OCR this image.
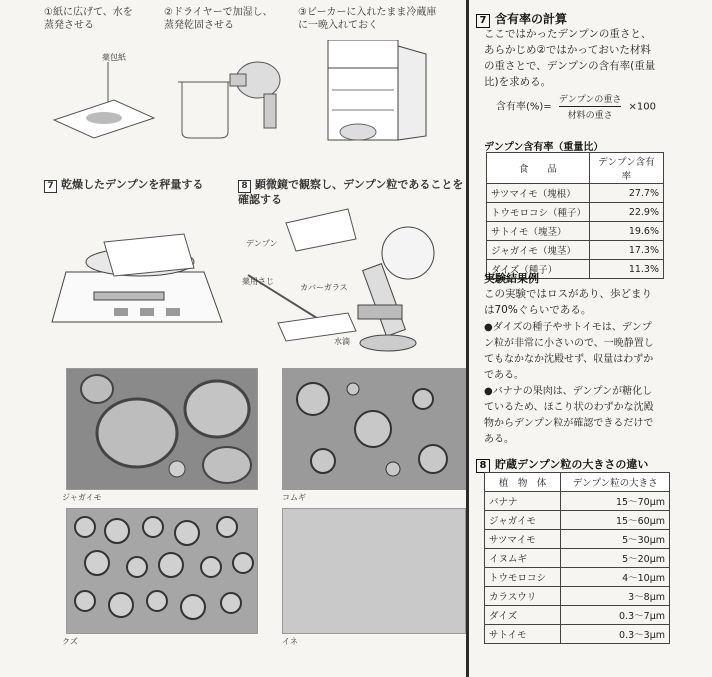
①紙に広げて、水を蒸発させる
②ドライヤーで加湿し、蒸発乾固させる
③ビーカーに入れたまま冷蔵庫に一晩入れておく
薬包紙
7 乾燥したデンプンを秤量する	8 顕微鏡で観察し、デンプン粒であることを確認する
デンプン
薬用さじ
カバーガラス
水滴
ジャガイモ	コムギ
クズ	イネ
7 含有率の計算
ここではかったデンプンの重さと、あらかじめ②ではかっておいた材料の重さとで、デンプンの含有率(重量比)を求める。
含有率(%)= $\frac{\text{デンプンの重さ}}{\text{材料の重さ}} \times 100$
デンプン含有率（重量比）
食　　品	デンプン含有率
サツマイモ（塊根）	27.7%
トウモロコシ（種子）	22.9%
サトイモ（塊茎）	19.6%
ジャガイモ（塊茎）	17.3%
ダイズ（種子）	11.3%
実験結果例
この実験ではロスがあり、歩どまりは70%ぐらいである。
●ダイズの種子やサトイモは、デンプン粒が非常に小さいので、一晩静置してもなかなか沈殿せず、収量はわずかである。
●バナナの果肉は、デンプンが糖化しているため、ほこり状のわずかな沈殿物からデンプン粒が確認できるだけである。
8 貯蔵デンプン粒の大きさの違い
植　物　体	デンプン粒の大きさ
バナナ	15〜70μm
ジャガイモ	15〜60μm
サツマイモ	5〜30μm
イヌムギ	5〜20μm
トウモロコシ	4〜10μm
カラスウリ	3〜8μm
ダイズ	0.3〜7μm
サトイモ	0.3〜3μm
